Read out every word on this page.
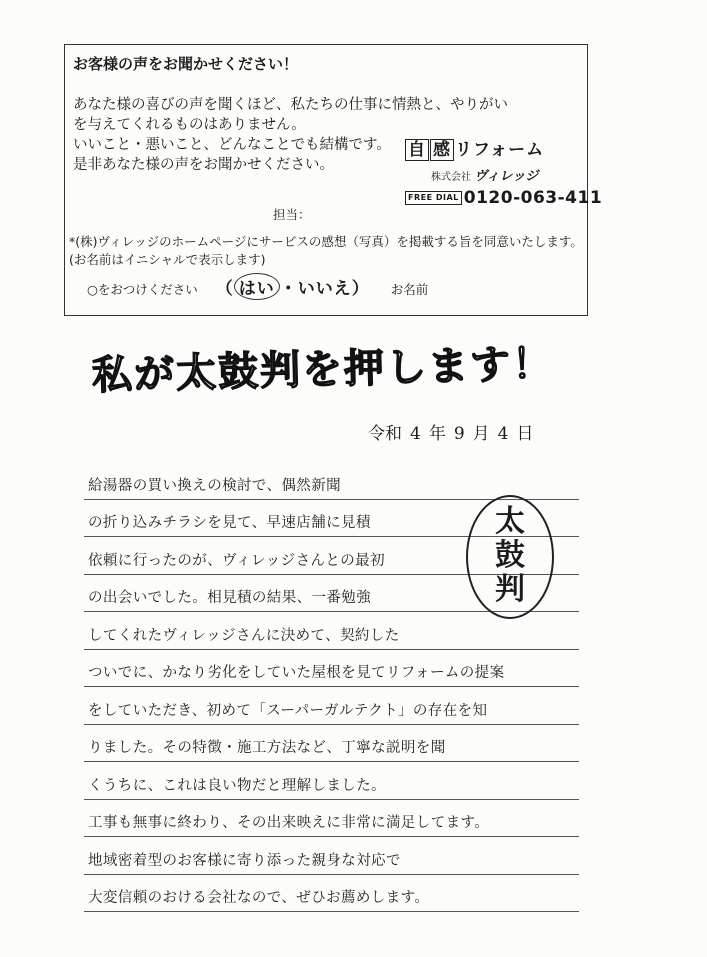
お客様の声をお聞かせください！
あなた様の喜びの声を聞くほど、私たちの仕事に情熱と、やりがい
を与えてくれるものはありません。
いいこと・悪いこと、どんなことでも結構です。
是非あなた様の声をお聞かせください。
自 感 リフォーム
株式会社 ヴィレッジ
FREE DIAL 0120-063-411
担当：
*(株)ヴィレッジのホームページにサービスの感想（写真）を掲載する旨を同意いたします。(お名前はイニシャルで表示します)
○をおつけください （ はい ・いいえ） お名前
私が太鼓判を押します！
令和 4 年 9 月 4 日
給湯器の買い換えの検討で、偶然新聞
の折り込みチラシを見て、早速店舗に見積
依頼に行ったのが、ヴィレッジさんとの最初
の出会いでした。相見積の結果、一番勉強
してくれたヴィレッジさんに決めて、契約した
ついでに、かなり劣化をしていた屋根を見てリフォームの提案
をしていただき、初めて「スーパーガルテクト」の存在を知
りました。その特徴・施工方法など、丁寧な説明を聞
くうちに、これは良い物だと理解しました。
工事も無事に終わり、その出来映えに非常に満足してます。
地域密着型のお客様に寄り添った親身な対応で
大変信頼のおける会社なので、ぜひお薦めします。
太
鼓
判
